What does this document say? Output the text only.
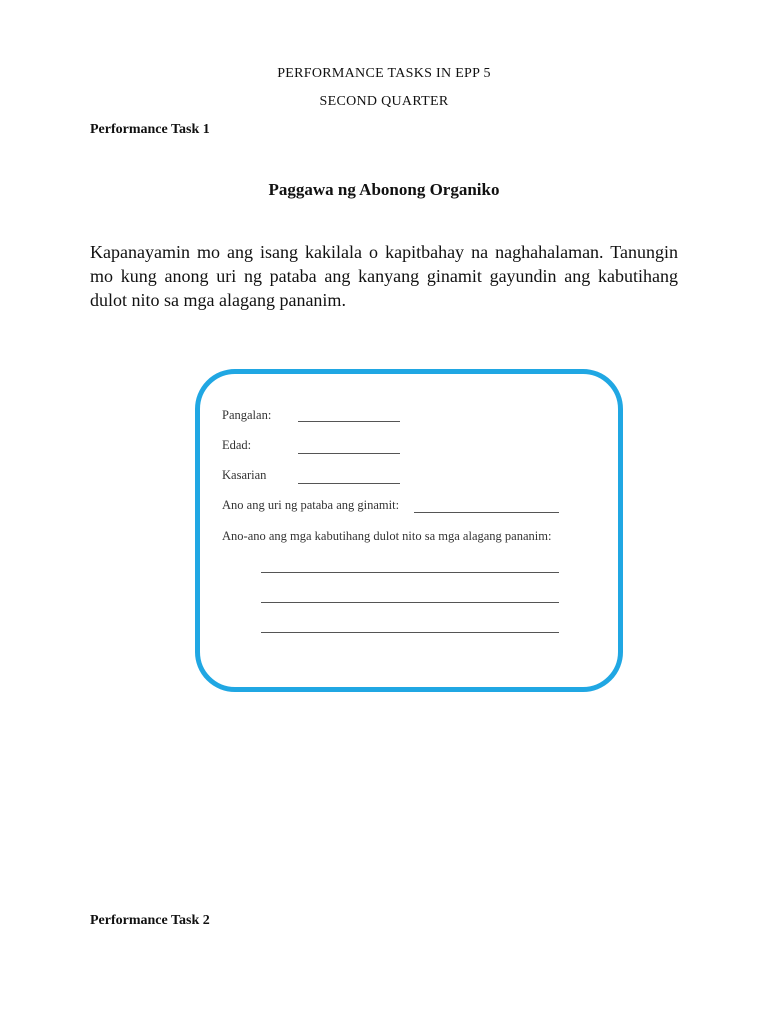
PERFORMANCE TASKS IN EPP 5
SECOND QUARTER
Performance Task 1
Paggawa ng Abonong Organiko
Kapanayamin mo ang isang kakilala o kapitbahay na naghahalaman. Tanungin mo kung anong uri ng pataba ang kanyang ginamit gayundin ang kabutihang dulot nito sa mga alagang pananim.
Pangalan:
Edad:
Kasarian
Ano ang uri ng pataba ang ginamit:
Ano-ano ang mga kabutihang dulot nito sa mga alagang pananim:
Performance Task 2
